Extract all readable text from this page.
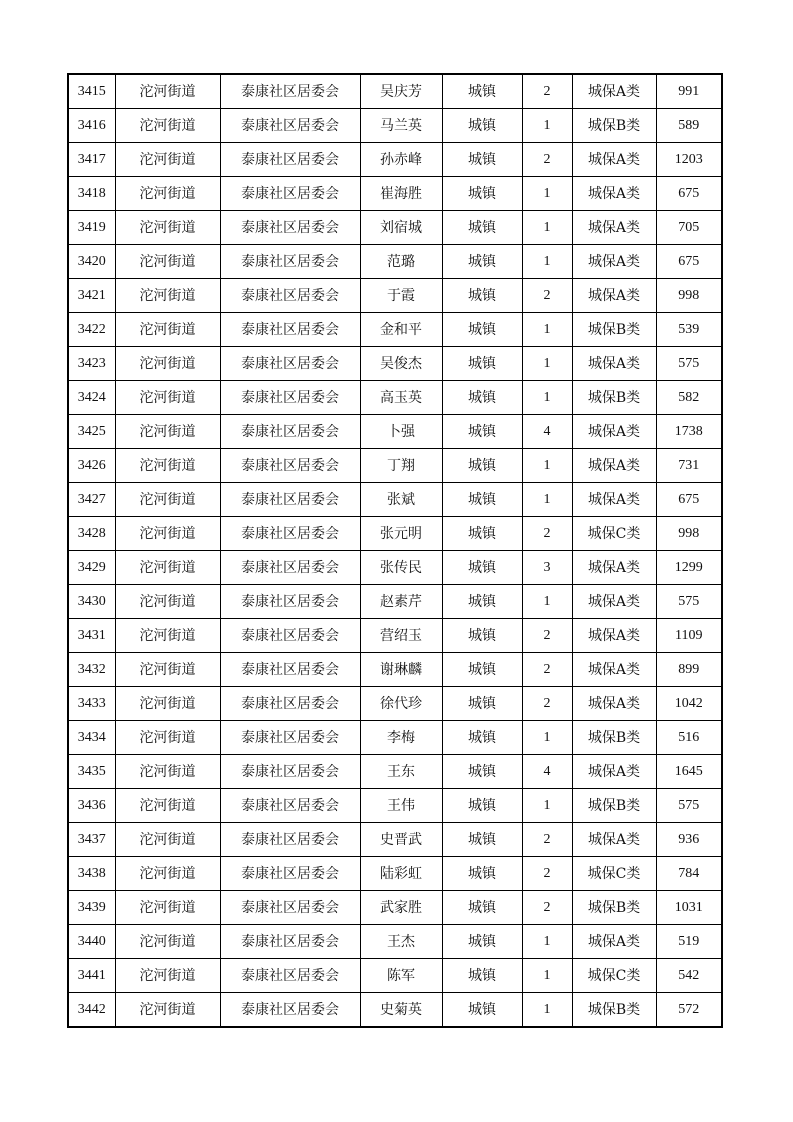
3415	沱河街道	泰康社区居委会	吴庆芳	城镇	2	城保A类	991
3416	沱河街道	泰康社区居委会	马兰英	城镇	1	城保B类	589
3417	沱河街道	泰康社区居委会	孙赤峰	城镇	2	城保A类	1203
3418	沱河街道	泰康社区居委会	崔海胜	城镇	1	城保A类	675
3419	沱河街道	泰康社区居委会	刘宿城	城镇	1	城保A类	705
3420	沱河街道	泰康社区居委会	范璐	城镇	1	城保A类	675
3421	沱河街道	泰康社区居委会	于霞	城镇	2	城保A类	998
3422	沱河街道	泰康社区居委会	金和平	城镇	1	城保B类	539
3423	沱河街道	泰康社区居委会	吴俊杰	城镇	1	城保A类	575
3424	沱河街道	泰康社区居委会	高玉英	城镇	1	城保B类	582
3425	沱河街道	泰康社区居委会	卜强	城镇	4	城保A类	1738
3426	沱河街道	泰康社区居委会	丁翔	城镇	1	城保A类	731
3427	沱河街道	泰康社区居委会	张斌	城镇	1	城保A类	675
3428	沱河街道	泰康社区居委会	张元明	城镇	2	城保C类	998
3429	沱河街道	泰康社区居委会	张传民	城镇	3	城保A类	1299
3430	沱河街道	泰康社区居委会	赵素芹	城镇	1	城保A类	575
3431	沱河街道	泰康社区居委会	营绍玉	城镇	2	城保A类	1109
3432	沱河街道	泰康社区居委会	谢琳麟	城镇	2	城保A类	899
3433	沱河街道	泰康社区居委会	徐代珍	城镇	2	城保A类	1042
3434	沱河街道	泰康社区居委会	李梅	城镇	1	城保B类	516
3435	沱河街道	泰康社区居委会	王东	城镇	4	城保A类	1645
3436	沱河街道	泰康社区居委会	王伟	城镇	1	城保B类	575
3437	沱河街道	泰康社区居委会	史晋武	城镇	2	城保A类	936
3438	沱河街道	泰康社区居委会	陆彩虹	城镇	2	城保C类	784
3439	沱河街道	泰康社区居委会	武家胜	城镇	2	城保B类	1031
3440	沱河街道	泰康社区居委会	王杰	城镇	1	城保A类	519
3441	沱河街道	泰康社区居委会	陈军	城镇	1	城保C类	542
3442	沱河街道	泰康社区居委会	史菊英	城镇	1	城保B类	572
